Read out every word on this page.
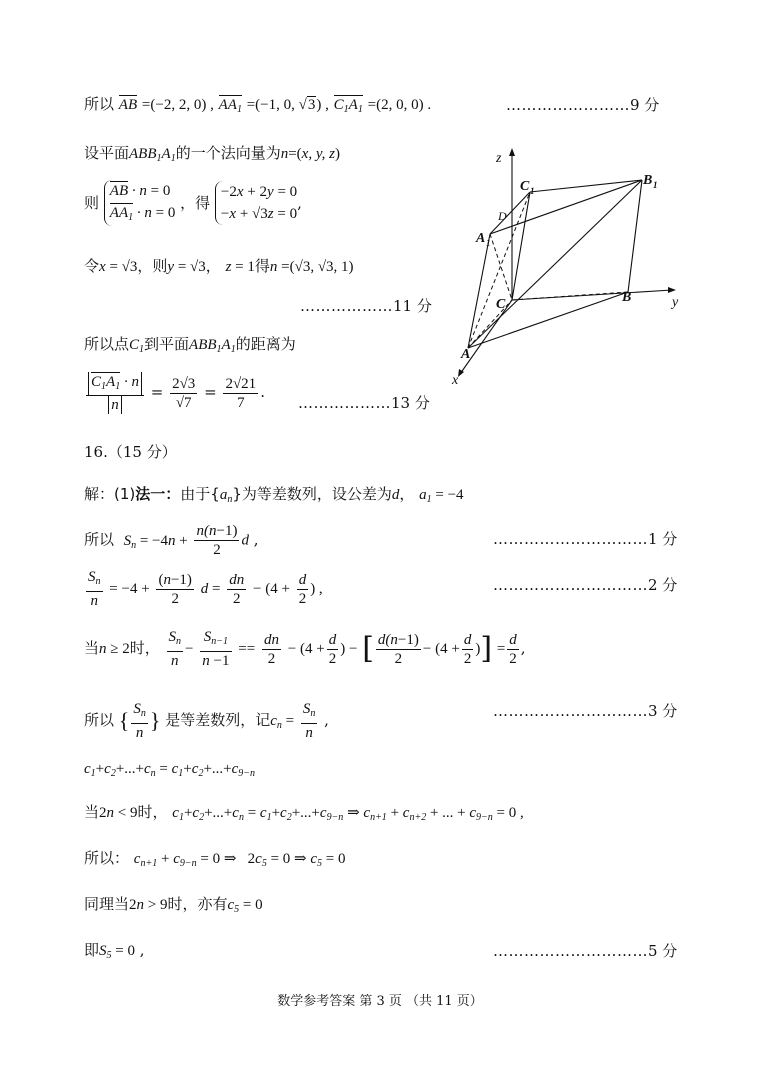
所以 AB =(−2, 2, 0) , $AA_1 =(-1$, 0, √3) , $C_1A_1 =(2$, 0, 0) .	……………………9 分
设平面$ABB_1A_1$的一个法向量为n=(x, y, z)
则
AB · n = 0
$AA_1 \cdot n = 0$
，得
−2x + 2y = 0
−x + √3z = 0
,
令x = √3，则y = √3， z = 1得n =(√3, √3, 1)
………………11 分
所以点$C_1$到平面$ABB_1A_1$的距离为
$\frac{C_1A_1 \cdot n}{n} = \frac{2√3}{√7} = \frac{2√21}{7}$ .
………………13 分
16.（15 分）
解：(1)法一：由于$\{a_n\}$为等差数列，设公差为d， $a_1 = -4$
所以 $S_n = -4n + \frac{n(n-1)}{2}$ d ,	…………………………1 分
$\frac{S_n}{n} = -4 + \frac{(n-1)}{2}$ $d = \frac{dn}{2} - (4 + \frac{d}{2}$ ) ,	…………………………2 分
当n ≥ 2时， $\frac{S_n}{n} - \frac{S_{n-1}}{n -1} == \frac{dn}{2} - (4 + \frac{d}{2}$ ) − [ $\frac{d(n-1)}{2} - (4 + \frac{d}{2}$ )] = $\frac{d}{2}$ ,
所以 { $\frac{S_n}{n}$ } 是等差数列，记$c_n = \frac{S_n}{n}$ ,	…………………………3 分
$c_1+c_2+...+c_n = c_1+c_2+...+c_{9-n}$
当2n < 9时， $c_1+c_2+...+c_n = c_1+c_2+...+c_{9-n}$ ⇒ $c_{n+1} + c_{n+2}$ + ... + $c_{9-n} = 0$ ,
所以： $c_{n+1} + c_{9-n} = 0$ ⇒   $2c_5 = 0$ ⇒ $c_5 = 0$
同理当2n > 9时，亦有$c_5 = 0$
即$S_5 = 0$ ,	…………………………5 分
z
y
x
A
B
C
A 1
B 1
C 1
D
数学参考答案 第 3 页 （共 11 页）
